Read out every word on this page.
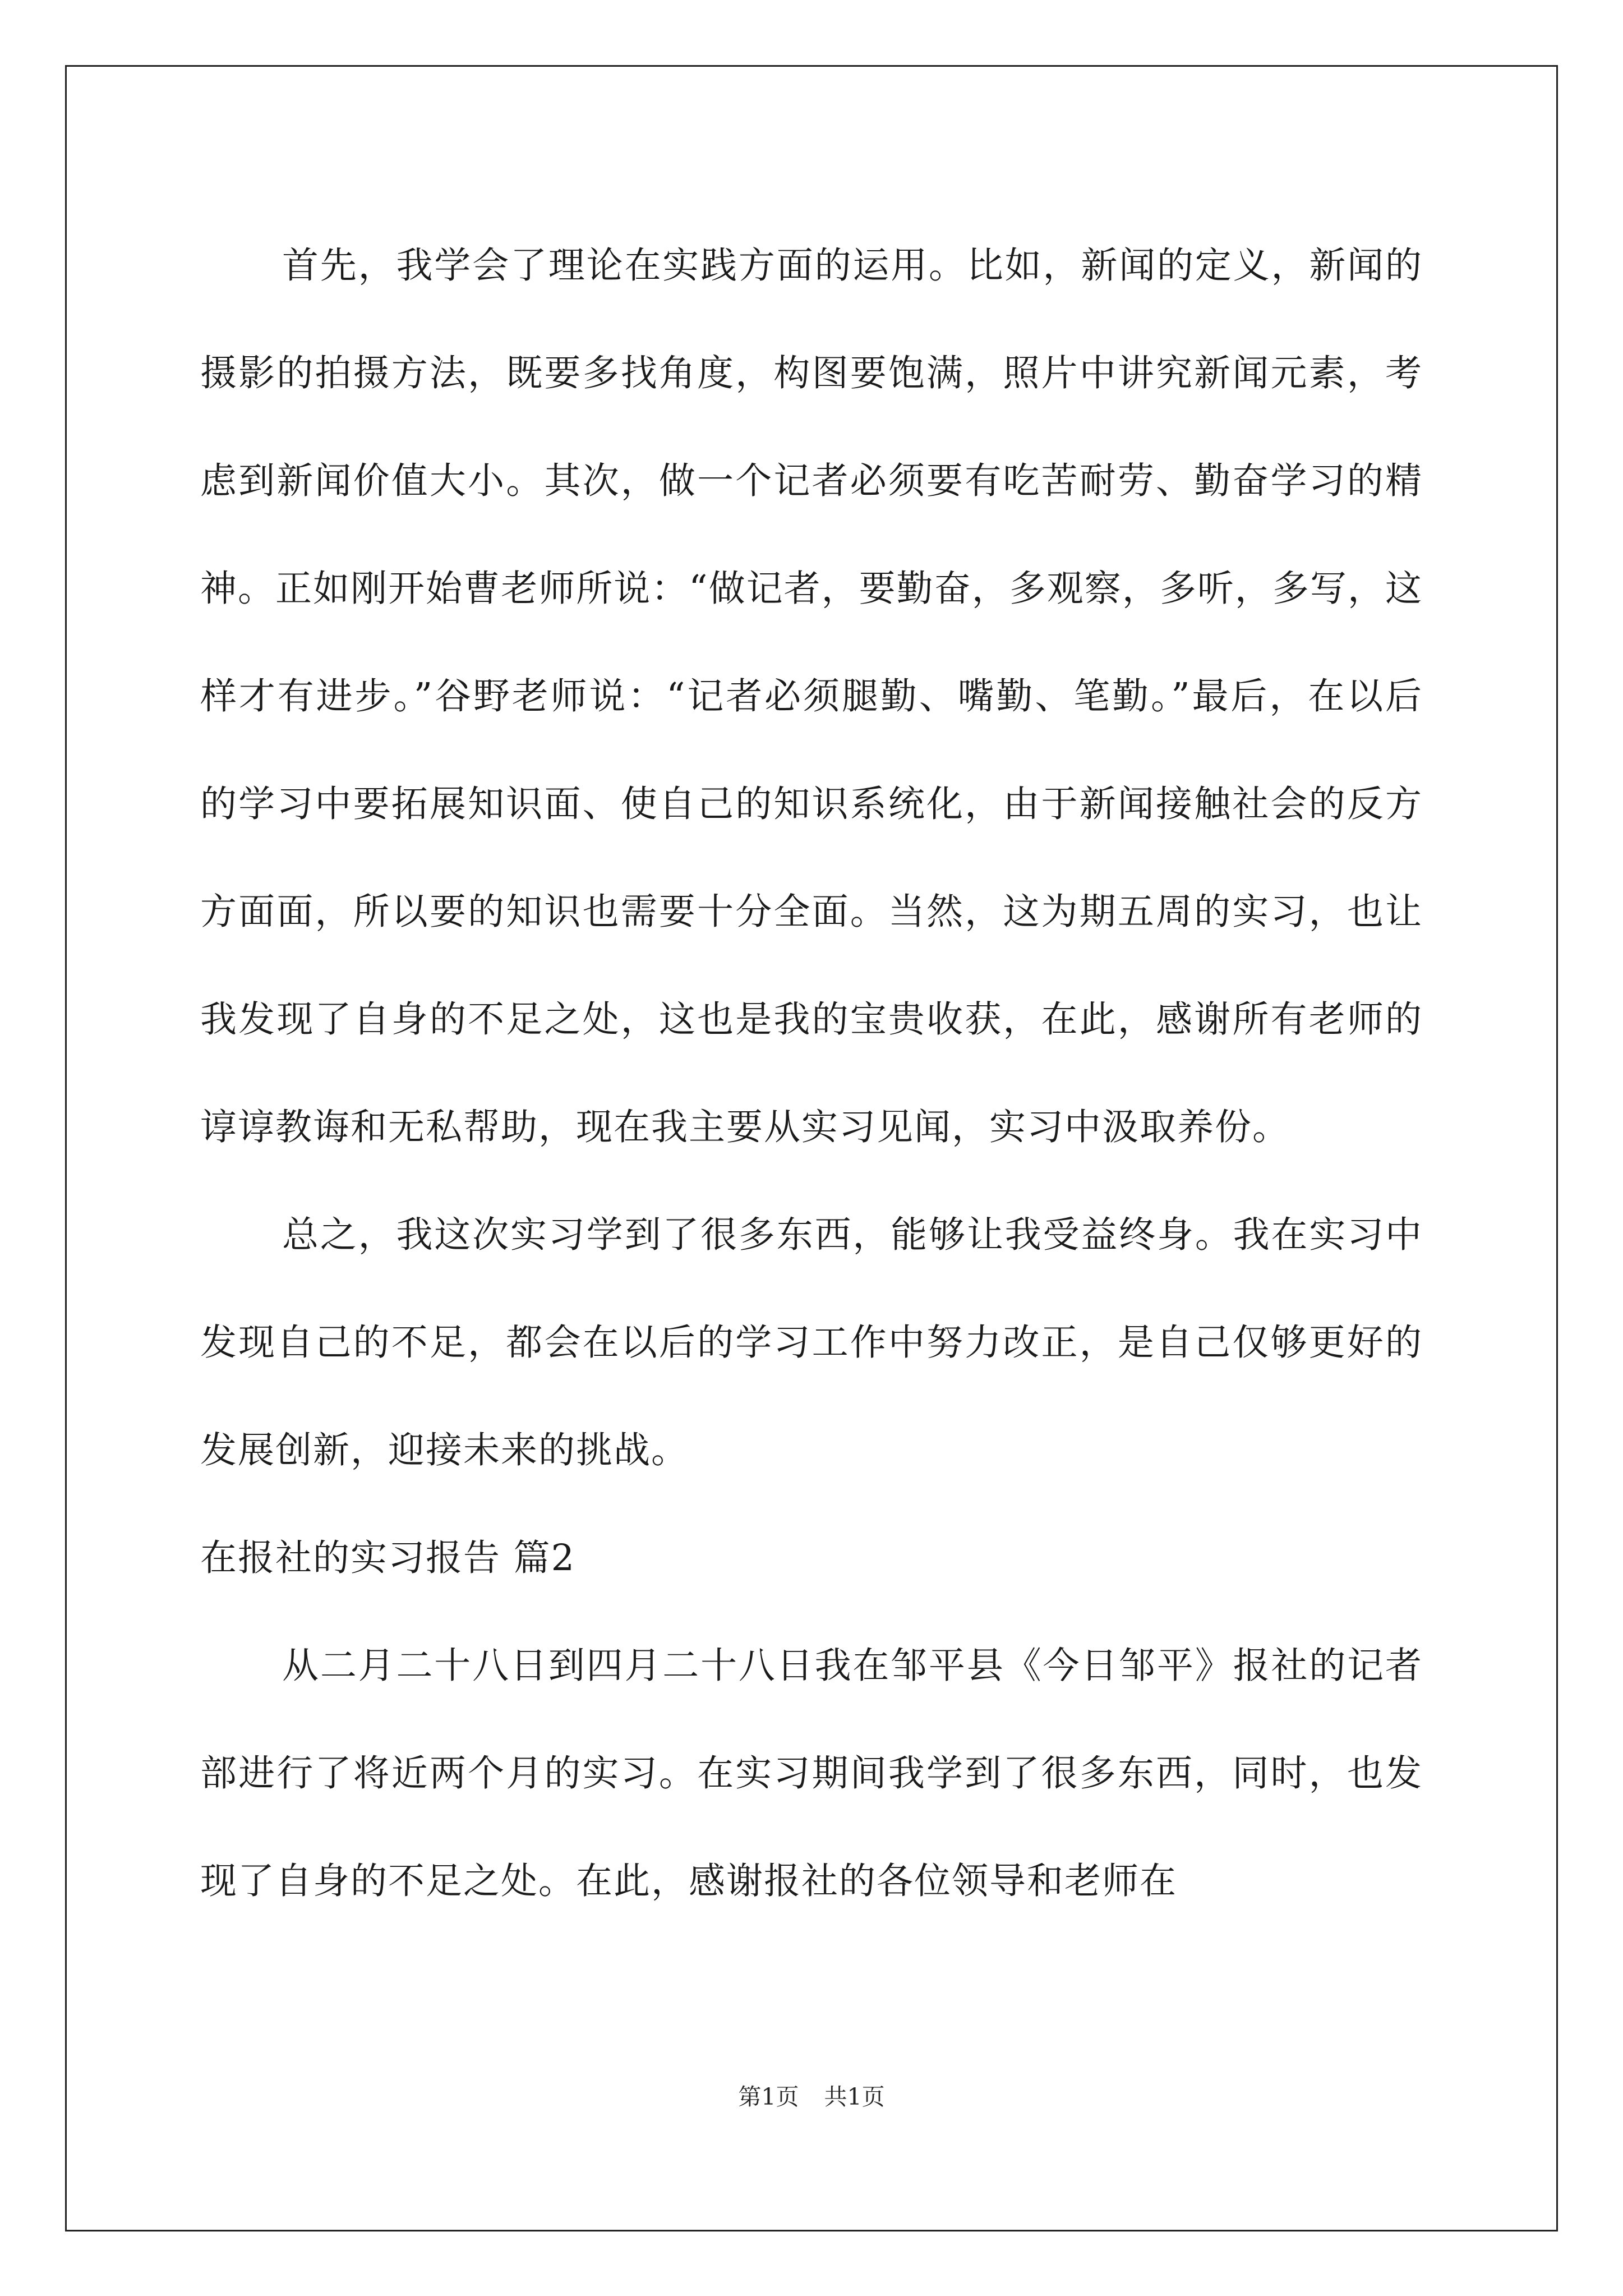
首先，我学会了理论在实践方面的运用。比如，新闻的定义，新闻的摄影的拍摄方法，既要多找角度，构图要饱满，照片中讲究新闻元素，考虑到新闻价值大小。其次，做一个记者必须要有吃苦耐劳、勤奋学习的精神。正如刚开始曹老师所说：“做记者，要勤奋，多观察，多听，多写，这样才有进步。”谷野老师说：“记者必须腿勤、嘴勤、笔勤。”最后，在以后的学习中要拓展知识面、使自己的知识系统化，由于新闻接触社会的反方方面面，所以要的知识也需要十分全面。当然，这为期五周的实习，也让我发现了自身的不足之处，这也是我的宝贵收获，在此，感谢所有老师的谆谆教诲和无私帮助，现在我主要从实习见闻，实习中汲取养份。

总之，我这次实习学到了很多东西，能够让我受益终身。我在实习中发现自己的不足，都会在以后的学习工作中努力改正，是自己仅够更好的发展创新，迎接未来的挑战。

在报社的实习报告 篇2

从二月二十八日到四月二十八日我在邹平县《今日邹平》报社的记者部进行了将近两个月的实习。在实习期间我学到了很多东西，同时，也发现了自身的不足之处。在此，感谢报社的各位领导和老师在

第1页 共1页
